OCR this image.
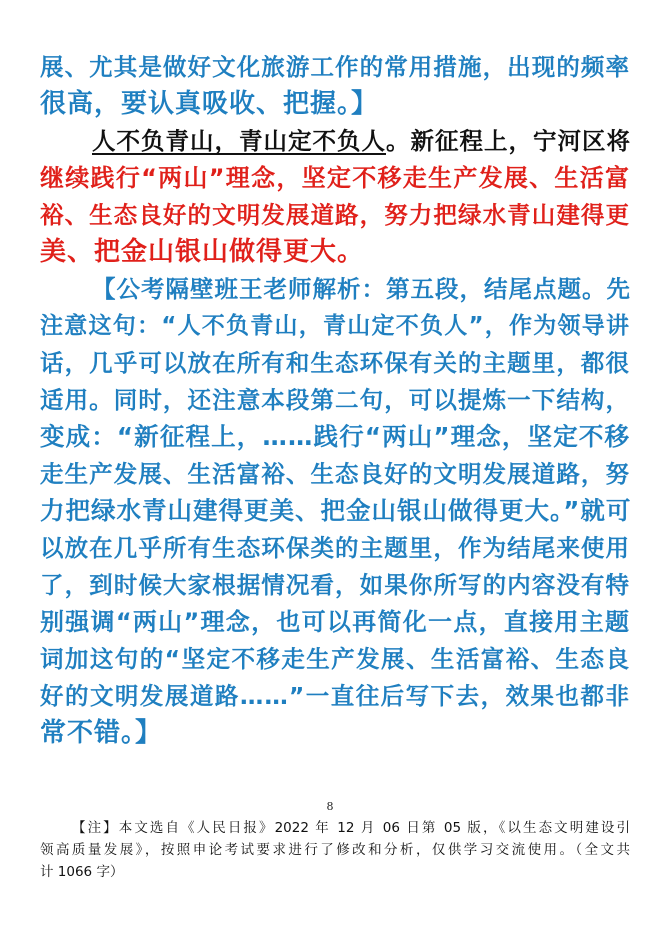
展、尤其是做好文化旅游工作的常用措施，出现的频率
很高，要认真吸收、把握。】
人不负青山，青山定不负人。新征程上，宁河区将
继续践行“两山”理念，坚定不移走生产发展、生活富
裕、生态良好的文明发展道路，努力把绿水青山建得更
美、把金山银山做得更大。
【公考隔壁班王老师解析：第五段，结尾点题。先
注意这句：“人不负青山，青山定不负人”，作为领导讲
话，几乎可以放在所有和生态环保有关的主题里，都很
适用。同时，还注意本段第二句，可以提炼一下结构，
变成：“新征程上，……践行“两山”理念，坚定不移
走生产发展、生活富裕、生态良好的文明发展道路，努
力把绿水青山建得更美、把金山银山做得更大。”就可
以放在几乎所有生态环保类的主题里，作为结尾来使用
了，到时候大家根据情况看，如果你所写的内容没有特
别强调“两山”理念，也可以再简化一点，直接用主题
词加这句的“坚定不移走生产发展、生活富裕、生态良
好的文明发展道路……”一直往后写下去，效果也都非
常不错。】
8
【注】本文选自《人民日报》2022 年 12 月 06 日第 05 版，《以生态文明建设引
领高质量发展》，按照申论考试要求进行了修改和分析，仅供学习交流使用。（全文共
计 1066 字）
